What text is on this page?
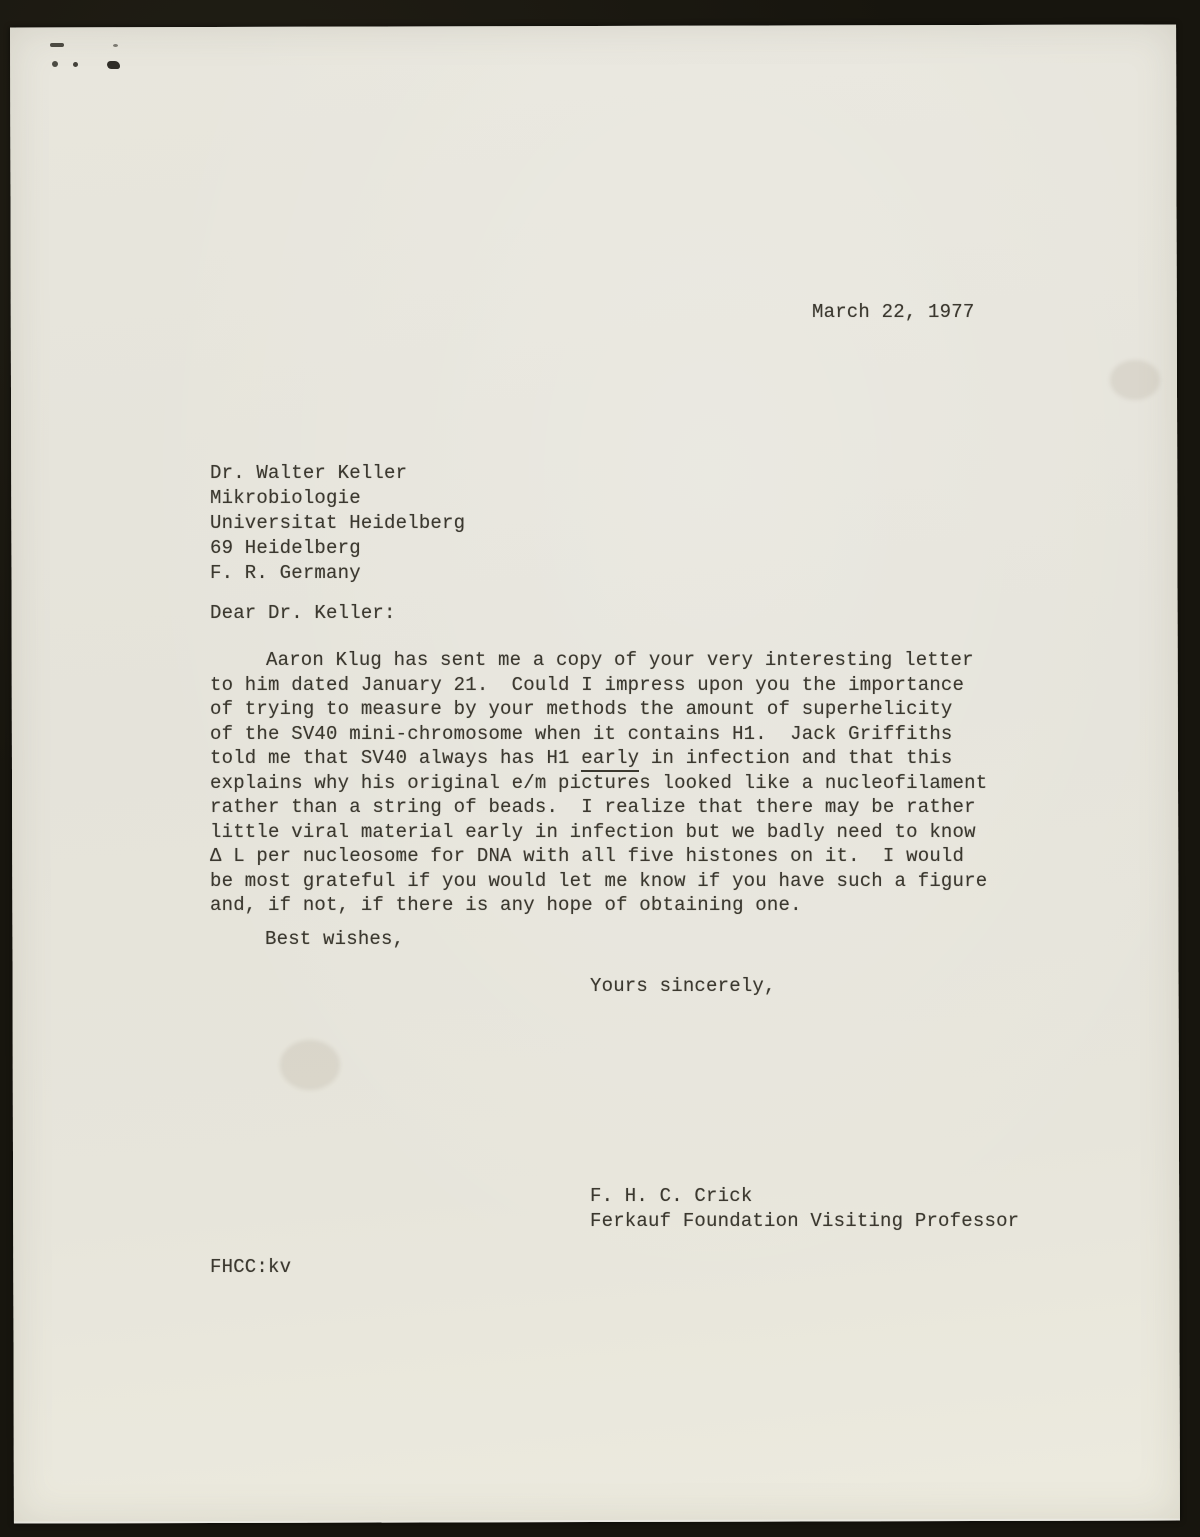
March 22, 1977
Dr. Walter Keller
Mikrobiologie
Universitat Heidelberg
69 Heidelberg
F. R. Germany
Dear Dr. Keller:
Aaron Klug has sent me a copy of your very interesting letter
to him dated January 21.  Could I impress upon you the importance
of trying to measure by your methods the amount of superhelicity
of the SV40 mini-chromosome when it contains H1.  Jack Griffiths
told me that SV40 always has H1 early in infection and that this
explains why his original e/m pictures looked like a nucleofilament
rather than a string of beads.  I realize that there may be rather
little viral material early in infection but we badly need to know
Δ L per nucleosome for DNA with all five histones on it.  I would
be most grateful if you would let me know if you have such a figure
and, if not, if there is any hope of obtaining one.
Best wishes,
Yours sincerely,
F. H. C. Crick
Ferkauf Foundation Visiting Professor
FHCC:kv
